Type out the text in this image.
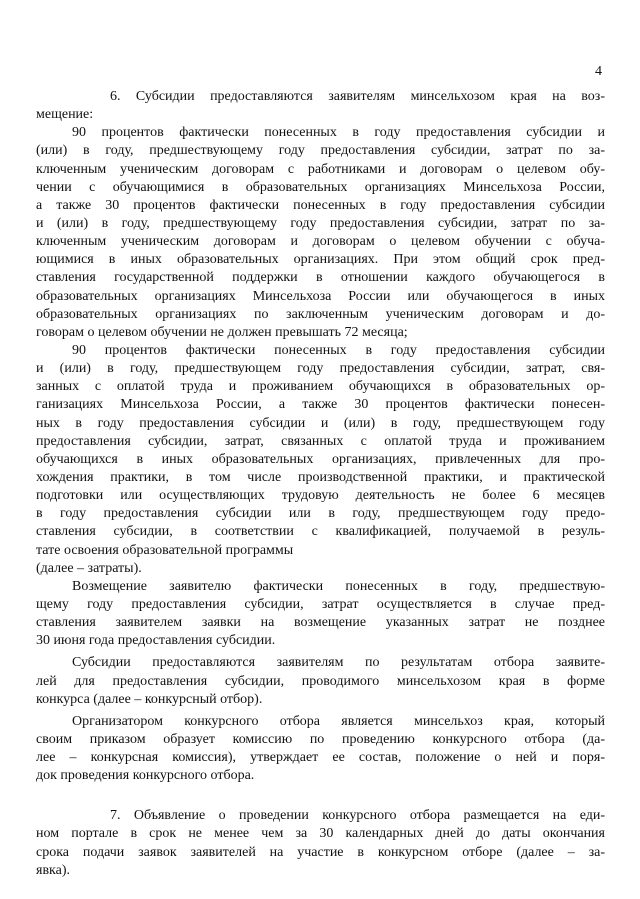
4
6. Субсидии предоставляются заявителям минсельхозом края на воз-
мещение:
90 процентов фактически понесенных в году предоставления субсидии и
(или) в году, предшествующему году предоставления субсидии, затрат по за-
ключенным ученическим договорам с работниками и договорам о целевом обу-
чении с обучающимися в образовательных организациях Минсельхоза России,
а также 30 процентов фактически понесенных в году предоставления субсидии
и (или) в году, предшествующему году предоставления субсидии, затрат по за-
ключенным ученическим договорам и договорам о целевом обучении с обуча-
ющимися в иных образовательных организациях. При этом общий срок пред-
ставления государственной поддержки в отношении каждого обучающегося в
образовательных организациях Минсельхоза России или обучающегося в иных
образовательных организациях по заключенным ученическим договорам и до-
говорам о целевом обучении не должен превышать 72 месяца;
90 процентов фактически понесенных в году предоставления субсидии
и (или) в году, предшествующем году предоставления субсидии, затрат, свя-
занных с оплатой труда и проживанием обучающихся в образовательных ор-
ганизациях Минсельхоза России, а также 30 процентов фактически понесен-
ных в году предоставления субсидии и (или) в году, предшествующем году
предоставления субсидии, затрат, связанных с оплатой труда и проживанием
обучающихся в иных образовательных организациях, привлеченных для про-
хождения практики, в том числе производственной практики, и практической
подготовки или осуществляющих трудовую деятельность не более 6 месяцев
в году предоставления субсидии или в году, предшествующем году предо-
ставления субсидии, в соответствии с квалификацией, получаемой в резуль-
тате освоения образовательной программы
(далее – затраты).
Возмещение заявителю фактически понесенных в году, предшествую-
щему году предоставления субсидии, затрат осуществляется в случае пред-
ставления заявителем заявки на возмещение указанных затрат не позднее
30 июня года предоставления субсидии.
Субсидии предоставляются заявителям по результатам отбора заявите-
лей для предоставления субсидии, проводимого минсельхозом края в форме
конкурса (далее – конкурсный отбор).
Организатором конкурсного отбора является минсельхоз края, который
своим приказом образует комиссию по проведению конкурсного отбора (да-
лее – конкурсная комиссия), утверждает ее состав, положение о ней и поря-
док проведения конкурсного отбора.
7. Объявление о проведении конкурсного отбора размещается на еди-
ном портале в срок не менее чем за 30 календарных дней до даты окончания
срока подачи заявок заявителей на участие в конкурсном отборе (далее – за-
явка).
